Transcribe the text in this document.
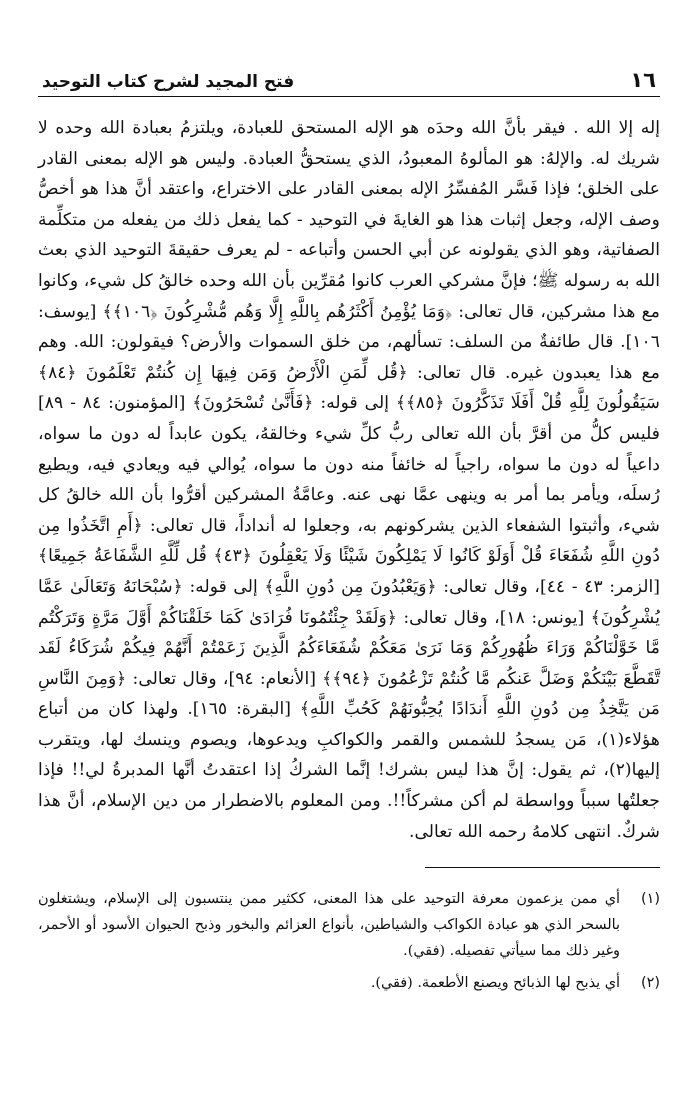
١٦
فتح المجيد لشرح كتاب التوحيد

إله إلا الله . فيقر بأنَّ الله وحدَه هو الإله المستحق للعبادة، ويلتزمُ بعبادة الله وحده لا شريك له. والإلهُ: هو المألوهُ المعبودُ، الذي يستحقُّ العبادة. وليس هو الإله بمعنى القادر على الخلق؛ فإذا فَسَّر المُفسِّرُ الإله بمعنى القادر على الاختراع، واعتقد أنَّ هذا هو أخصُّ وصف الإله، وجعل إثبات هذا هو الغايةَ في التوحيد - كما يفعل ذلك من يفعله من متكلِّمة الصفاتية، وهو الذي يقولونه عن أبي الحسن وأتباعه - لم يعرف حقيقةَ التوحيد الذي بعث الله به رسوله ﷺ؛ فإنَّ مشركي العرب كانوا مُقرِّين بأن الله وحده خالقُ كل شيء، وكانوا مع هذا مشركين، قال تعالى: ﴿وَمَا يُؤْمِنُ أَكْثَرُهُم بِاللَّهِ إِلَّا وَهُم مُّشْرِكُونَ ﴿١٠٦﴾﴾ [يوسف: ١٠٦]. قال طائفةٌ من السلف: تسألهم، من خلق السموات والأرض؟ فيقولون: الله. وهم مع هذا يعبدون غيره. قال تعالى: ﴿قُل لِّمَنِ الْأَرْضُ وَمَن فِيهَا إِن كُنتُمْ تَعْلَمُونَ ﴿٨٤﴾ سَيَقُولُونَ لِلَّهِ قُلْ أَفَلَا تَذَكَّرُونَ ﴿٨٥﴾﴾ إلى قوله: ﴿فَأَنَّىٰ تُسْحَرُونَ﴾ [المؤمنون: ٨٤ - ٨٩] فليس كلُّ من أقرَّ بأن الله تعالى ربُّ كلِّ شيء وخالقهُ، يكون عابداً له دون ما سواه، داعياً له دون ما سواه، راجياً له خائفاً منه دون ما سواه، يُوالي فيه ويعادي فيه، ويطيع رُسلَه، ويأمر بما أمر به وينهى عمَّا نهى عنه. وعامَّةُ المشركين أقرُّوا بأن الله خالقُ كل شيء، وأثبتوا الشفعاء الذين يشركونهم به، وجعلوا له أنداداً، قال تعالى: ﴿أَمِ اتَّخَذُوا مِن دُونِ اللَّهِ شُفَعَاءَ قُلْ أَوَلَوْ كَانُوا لَا يَمْلِكُونَ شَيْئًا وَلَا يَعْقِلُونَ ﴿٤٣﴾ قُل لِّلَّهِ الشَّفَاعَةُ جَمِيعًا﴾ [الزمر: ٤٣ - ٤٤]، وقال تعالى: ﴿وَيَعْبُدُونَ مِن دُونِ اللَّهِ﴾ إلى قوله: ﴿سُبْحَانَهُ وَتَعَالَىٰ عَمَّا يُشْرِكُونَ﴾ [يونس: ١٨]، وقال تعالى: ﴿وَلَقَدْ جِئْتُمُونَا فُرَادَىٰ كَمَا خَلَقْنَاكُمْ أَوَّلَ مَرَّةٍ وَتَرَكْتُم مَّا خَوَّلْنَاكُمْ وَرَاءَ ظُهُورِكُمْ وَمَا نَرَىٰ مَعَكُمْ شُفَعَاءَكُمُ الَّذِينَ زَعَمْتُمْ أَنَّهُمْ فِيكُمْ شُرَكَاءُ لَقَد تَّقَطَّعَ بَيْنَكُمْ وَضَلَّ عَنكُم مَّا كُنتُمْ تَزْعُمُونَ ﴿٩٤﴾﴾ [الأنعام: ٩٤]، وقال تعالى: ﴿وَمِنَ النَّاسِ مَن يَتَّخِذُ مِن دُونِ اللَّهِ أَندَادًا يُحِبُّونَهُمْ كَحُبِّ اللَّهِ﴾ [البقرة: ١٦٥]. ولهذا كان من أتباع هؤلاء(١)، مَن يسجدُ للشمس والقمر والكواكبِ ويدعوها، ويصوم وينسك لها، ويتقرب إليها(٢)، ثم يقول: إنَّ هذا ليس بشرك! إنَّما الشركُ إذا اعتقدتُ أنَّها المدبرةُ لي!! فإذا جعلتُها سبباً وواسطة لم أكن مشركاً!!. ومن المعلوم بالاضطرار من دين الإسلام، أنَّ هذا شركٌ. انتهى كلامهُ رحمه الله تعالى.

(١)
أي ممن يزعمون معرفة التوحيد على هذا المعنى، ككثير ممن ينتسبون إلى الإسلام، ويشتغلون بالسحر الذي هو عبادة الكواكب والشياطين، بأنواع العزائم والبخور وذبح الحيوان الأسود أو الأحمر، وغير ذلك مما سيأتي تفصيله. (فقي).
(٢)
أي يذبح لها الذبائح ويصنع الأطعمة. (فقي).
